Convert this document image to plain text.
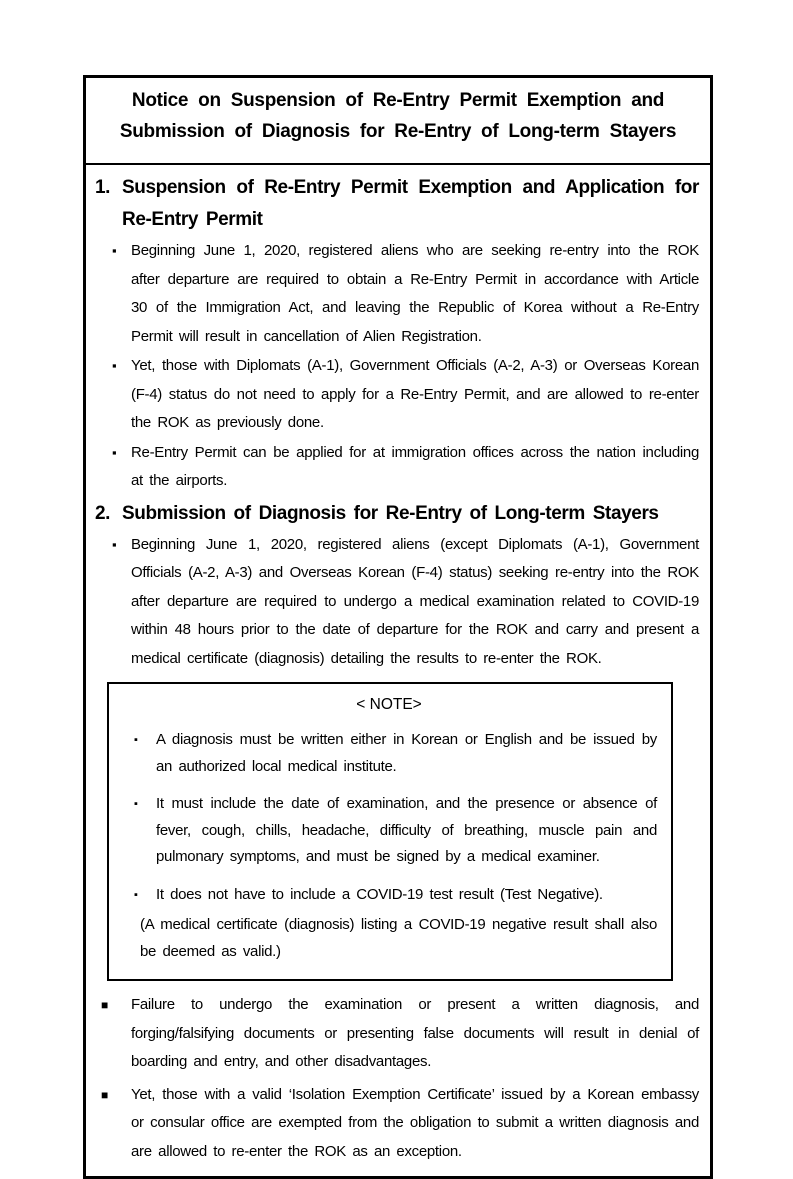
Notice on Suspension of Re-Entry Permit Exemption and
Submission of Diagnosis for Re-Entry of Long-term Stayers
1. Suspension of Re-Entry Permit Exemption and Application for Re-Entry Permit
▪ Beginning June 1, 2020, registered aliens who are seeking re-entry into the ROK after departure are required to obtain a Re-Entry Permit in accordance with Article 30 of the Immigration Act, and leaving the Republic of Korea without a Re-Entry Permit will result in cancellation of Alien Registration.

▪ Yet, those with Diplomats (A-1), Government Officials (A-2, A-3) or Overseas Korean (F-4) status do not need to apply for a Re-Entry Permit, and are allowed to re-enter the ROK as previously done.

▪ Re-Entry Permit can be applied for at immigration offices across the nation including at the airports.

2. Submission of Diagnosis for Re-Entry of Long-term Stayers
▪ Beginning June 1, 2020, registered aliens (except Diplomats (A-1), Government Officials (A-2, A-3) and Overseas Korean (F-4) status) seeking re-entry into the ROK after departure are required to undergo a medical examination related to COVID-19 within 48 hours prior to the date of departure for the ROK and carry and present a medical certificate (diagnosis) detailing the results to re-enter the ROK.

< NOTE>
▪	A diagnosis must be written either in Korean or English and be issued by an authorized local medical institute.

▪	It must include the date of examination, and the presence or absence of fever, cough, chills, headache, difficulty of breathing, muscle pain and pulmonary symptoms, and must be signed by a medical examiner.

▪	It does not have to include a COVID-19 test result (Test Negative).

(A medical certificate (diagnosis) listing a COVID-19 negative result shall also be deemed as valid.)

■	Failure to undergo the examination or present a written diagnosis, and forging/falsifying documents or presenting false documents will result in denial of boarding and entry, and other disadvantages.

■	Yet, those with a valid ‘Isolation Exemption Certificate’ issued by a Korean embassy or consular office are exempted from the obligation to submit a written diagnosis and are allowed to re-enter the ROK as an exception.
